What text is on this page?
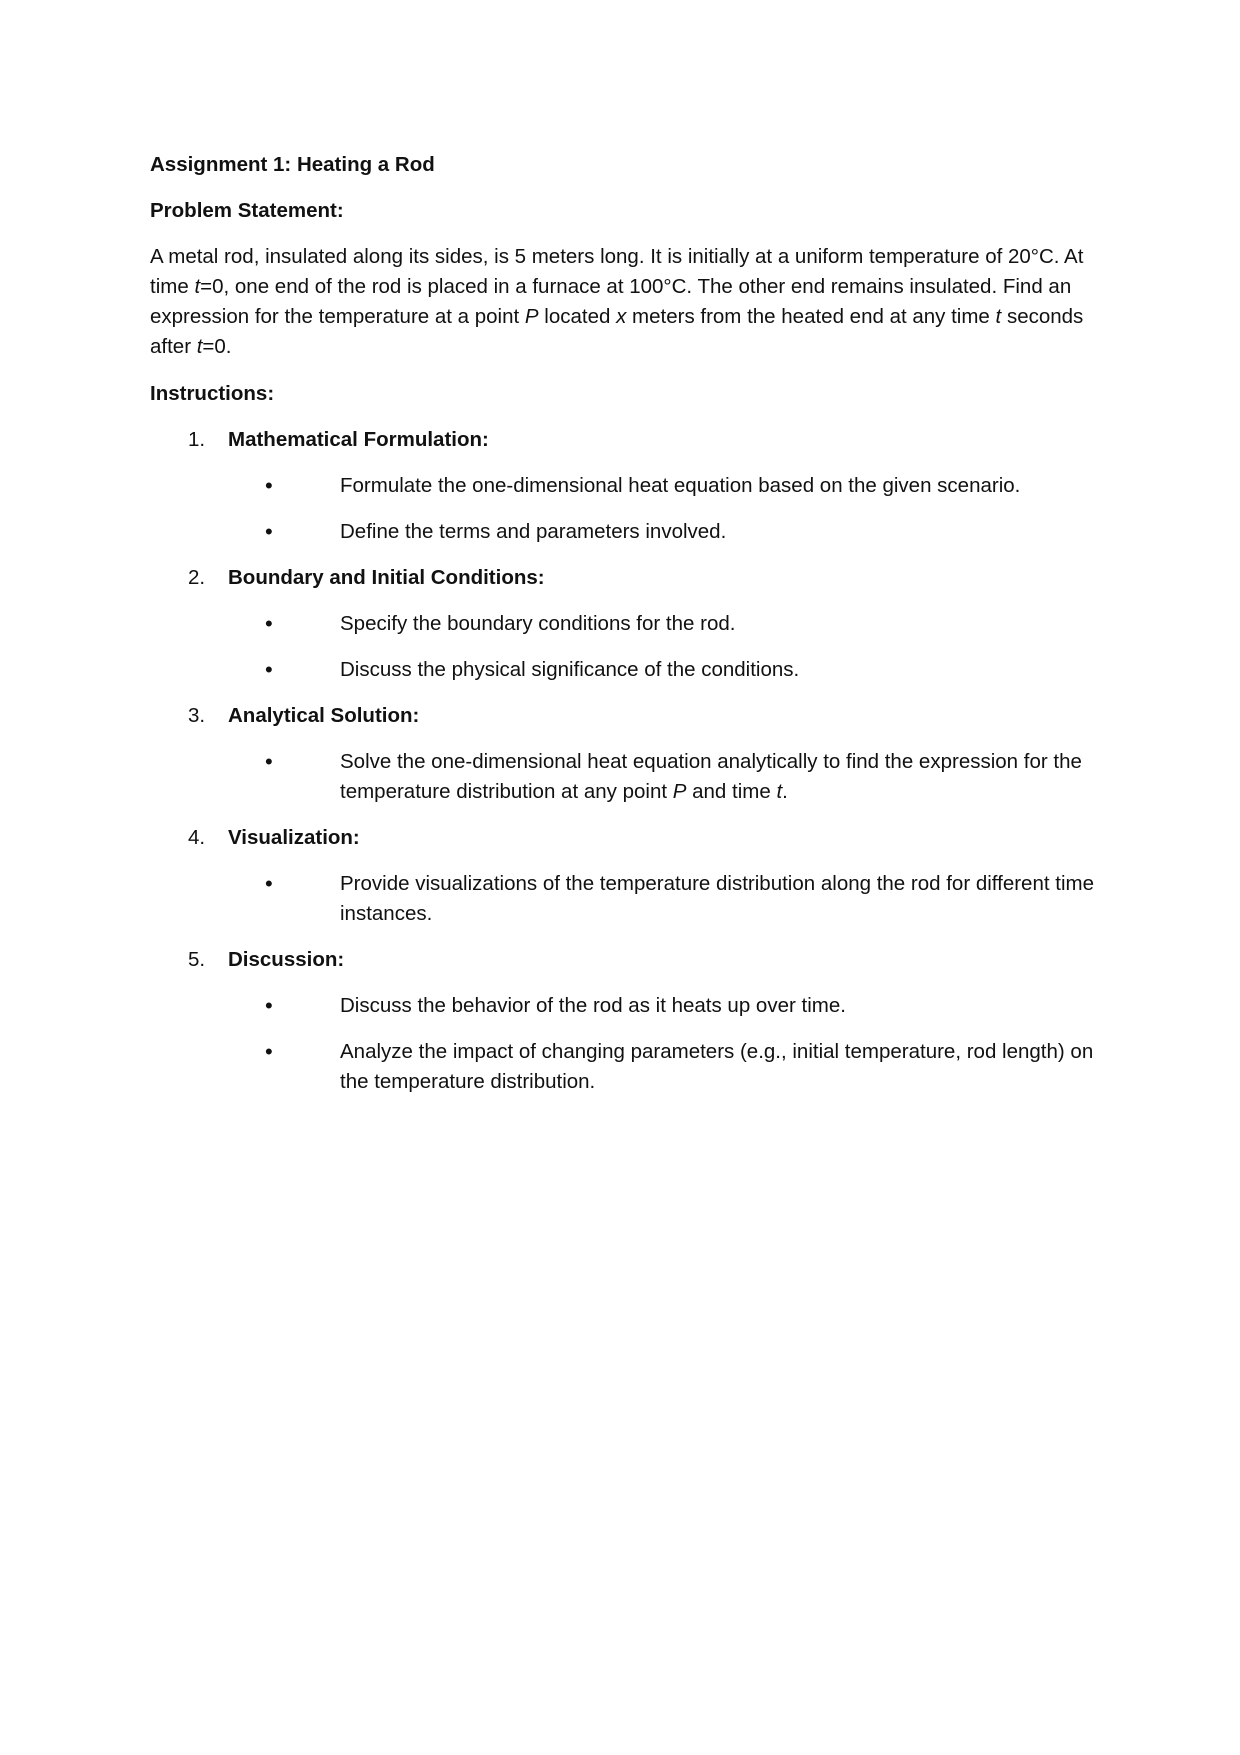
Assignment 1: Heating a Rod

Problem Statement:

A metal rod, insulated along its sides, is 5 meters long. It is initially at a uniform temperature of 20°C. At time t=0, one end of the rod is placed in a furnace at 100°C. The other end remains insulated. Find an expression for the temperature at a point P located x meters from the heated end at any time t seconds after t=0.

Instructions:

1.	Mathematical Formulation:
•	Formulate the one-dimensional heat equation based on the given scenario.
•	Define the terms and parameters involved.
2.	Boundary and Initial Conditions:
•	Specify the boundary conditions for the rod.
•	Discuss the physical significance of the conditions.
3.	Analytical Solution:
•	Solve the one-dimensional heat equation analytically to find the expression for the temperature distribution at any point P and time t.
4.	Visualization:
•	Provide visualizations of the temperature distribution along the rod for different time instances.
5.	Discussion:
•	Discuss the behavior of the rod as it heats up over time.
•	Analyze the impact of changing parameters (e.g., initial temperature, rod length) on the temperature distribution.
